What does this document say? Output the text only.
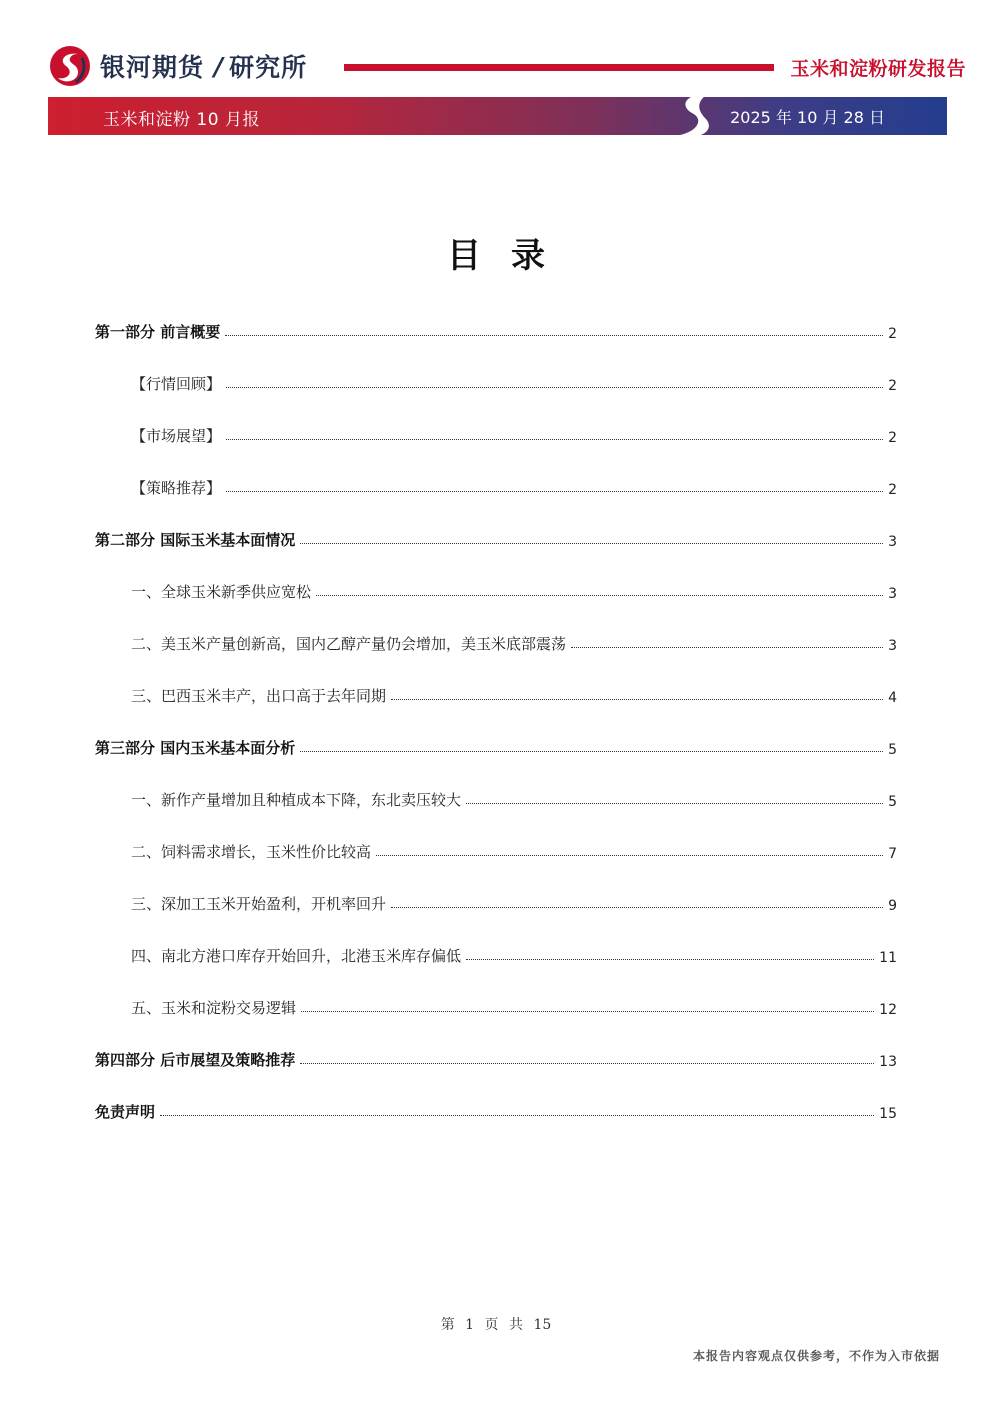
银河期货 / 研究所	玉米和淀粉研发报告
玉米和淀粉 10 月报	2025 年 10 月 28 日
目录
第一部分 前言概要	2
【行情回顾】	2
【市场展望】	2
【策略推荐】	2
第二部分 国际玉米基本面情况	3
一、全球玉米新季供应宽松	3
二、美玉米产量创新高，国内乙醇产量仍会增加，美玉米底部震荡	3
三、巴西玉米丰产，出口高于去年同期	4
第三部分 国内玉米基本面分析	5
一、新作产量增加且种植成本下降，东北卖压较大	5
二、饲料需求增长，玉米性价比较高	7
三、深加工玉米开始盈利，开机率回升	9
四、南北方港口库存开始回升，北港玉米库存偏低	11
五、玉米和淀粉交易逻辑	12
第四部分 后市展望及策略推荐	13
免责声明	15
第 1 页 共 15
本报告内容观点仅供参考，不作为入市依据
